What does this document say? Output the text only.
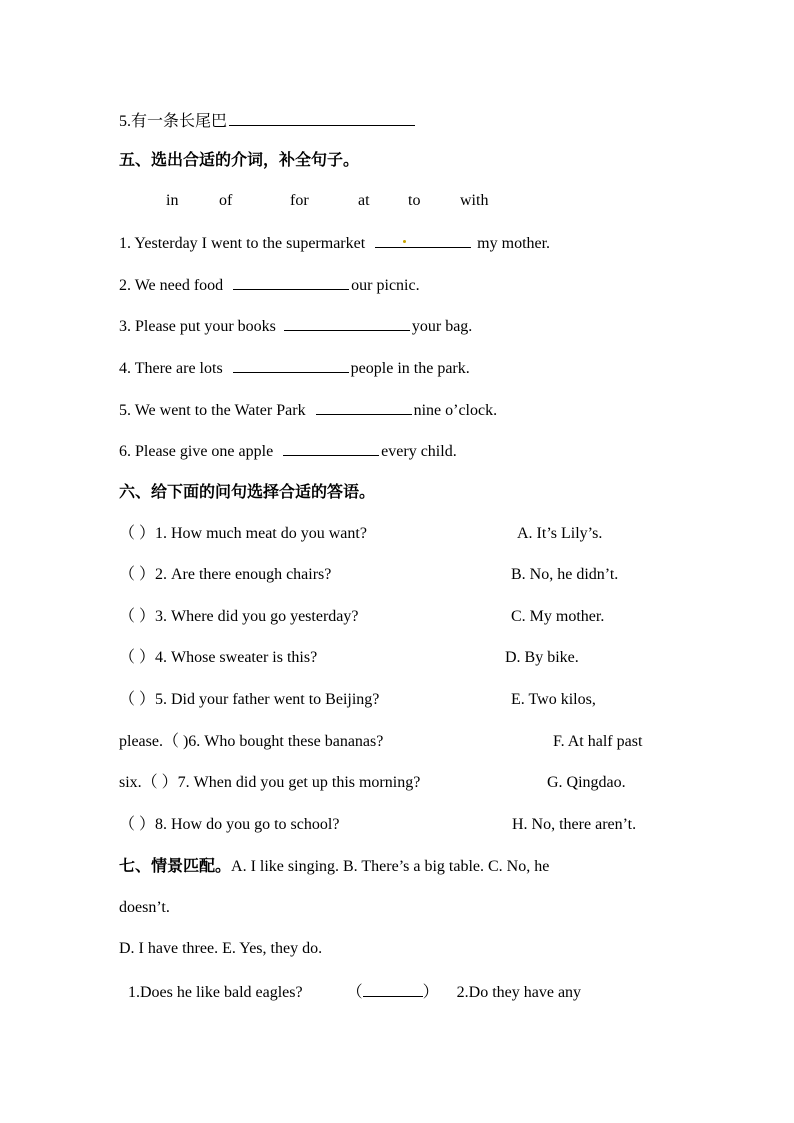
5.有一条长尾巴
五、选出合适的介词，补全句子。
in	of	for	at to with
1. Yesterday I went to the supermarket	my mother.
2. We need food	our picnic.
3. Please put your books	your bag.
4. There are lots	people in the park.
5. We went to the Water Park	nine o’clock.
6. Please give one apple	every child.
六、给下面的问句选择合适的答语。
（ ）1. How much meat do you want?	A. It’s Lily’s.
（ ）2. Are there enough chairs?	B. No, he didn’t.
（ ）3. Where did you go yesterday?	C. My mother.
（ ）4. Whose sweater is this?	D. By bike.
（ ）5. Did your father went to Beijing?	E. Two kilos,
please.（ )6. Who bought these bananas?	F. At half past
six.（ ）7. When did you get up this morning?	G. Qingdao.
（ ）8. How do you go to school?	H. No, there aren’t.
七、情景匹配。A. I like singing. B. There’s a big table. C. No, he
doesn’t.
D. I have three. E. Yes, they do.
1.Does he like bald eagles?	（	） 2.Do they have any
